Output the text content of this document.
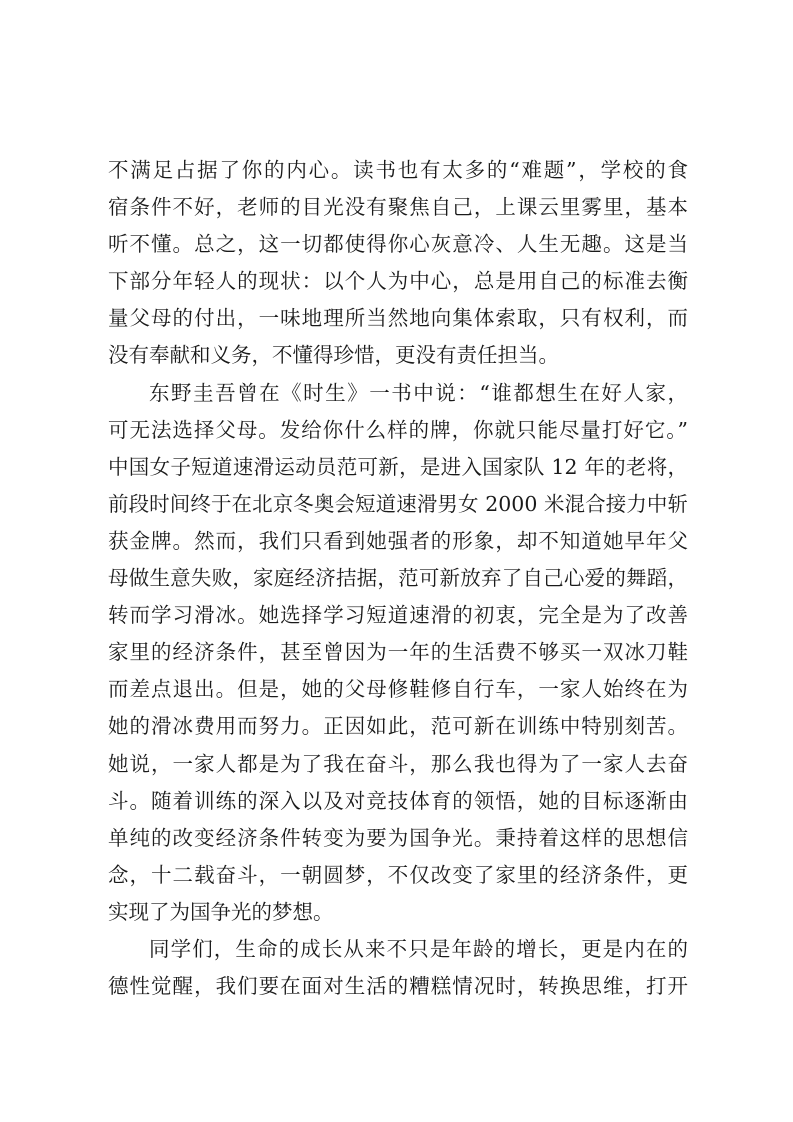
不满足占据了你的内心。读书也有太多的“难题”，学校的食
宿条件不好，老师的目光没有聚焦自己，上课云里雾里，基本
听不懂。总之，这一切都使得你心灰意冷、人生无趣。这是当
下部分年轻人的现状：以个人为中心，总是用自己的标准去衡
量父母的付出，一味地理所当然地向集体索取，只有权利，而
没有奉献和义务，不懂得珍惜，更没有责任担当。

东野圭吾曾在《时生》一书中说：“谁都想生在好人家，
可无法选择父母。发给你什么样的牌，你就只能尽量打好它。”
中国女子短道速滑运动员范可新，是进入国家队 12 年的老将，
前段时间终于在北京冬奥会短道速滑男女 2000 米混合接力中斩
获金牌。然而，我们只看到她强者的形象，却不知道她早年父
母做生意失败，家庭经济拮据，范可新放弃了自己心爱的舞蹈，
转而学习滑冰。她选择学习短道速滑的初衷，完全是为了改善
家里的经济条件，甚至曾因为一年的生活费不够买一双冰刀鞋
而差点退出。但是，她的父母修鞋修自行车，一家人始终在为
她的滑冰费用而努力。正因如此，范可新在训练中特别刻苦。
她说，一家人都是为了我在奋斗，那么我也得为了一家人去奋
斗。随着训练的深入以及对竞技体育的领悟，她的目标逐渐由
单纯的改变经济条件转变为要为国争光。秉持着这样的思想信
念，十二载奋斗，一朝圆梦，不仅改变了家里的经济条件，更
实现了为国争光的梦想。

同学们，生命的成长从来不只是年龄的增长，更是内在的
德性觉醒，我们要在面对生活的糟糕情况时，转换思维，打开
